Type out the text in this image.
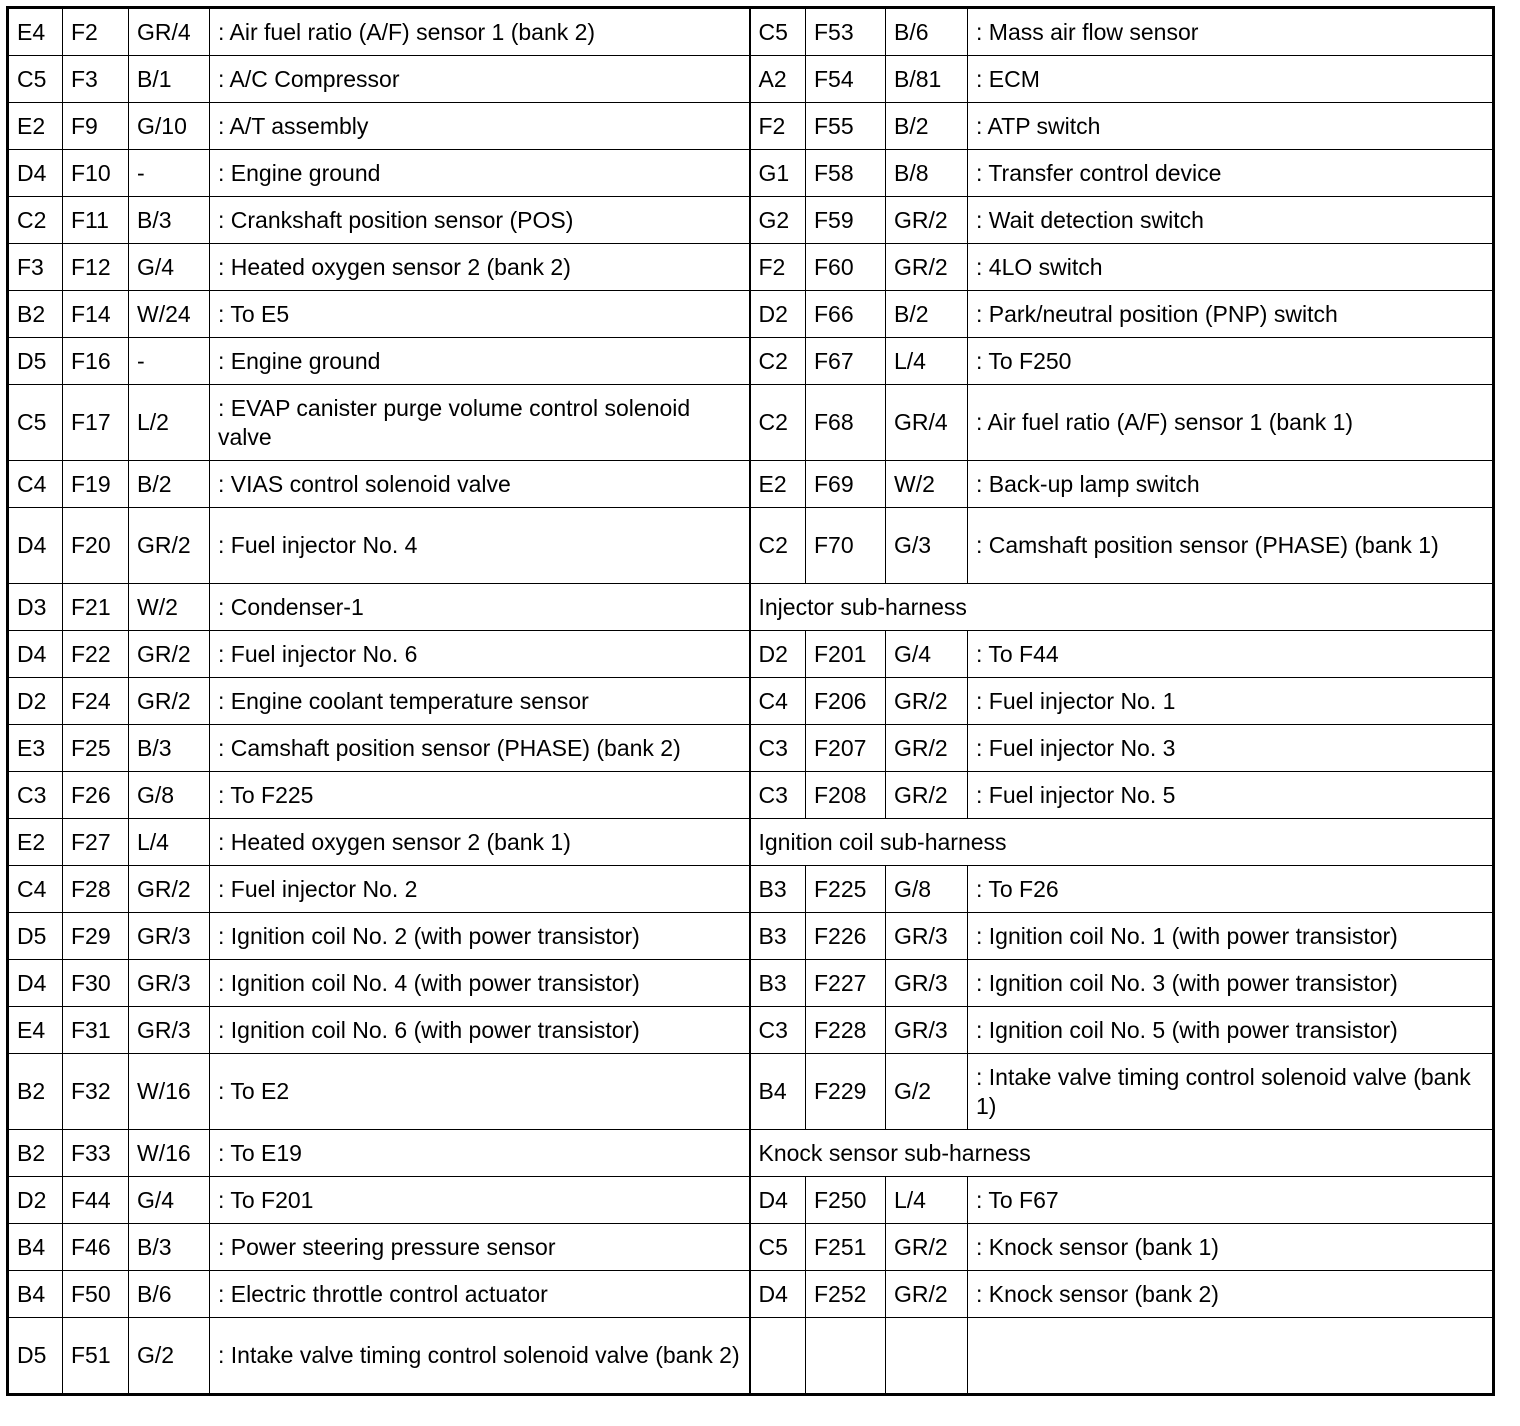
E4	F2	GR/4	: Air fuel ratio (A/F) sensor 1 (bank 2)	C5	F53	B/6	: Mass air flow sensor
C5	F3	B/1	: A/C Compressor	A2	F54	B/81	: ECM
E2	F9	G/10	: A/T assembly	F2	F55	B/2	: ATP switch
D4	F10	-	: Engine ground	G1	F58	B/8	: Transfer control device
C2	F11	B/3	: Crankshaft position sensor (POS)	G2	F59	GR/2	: Wait detection switch
F3	F12	G/4	: Heated oxygen sensor 2 (bank 2)	F2	F60	GR/2	: 4LO switch
B2	F14	W/24	: To E5	D2	F66	B/2	: Park/neutral position (PNP) switch
D5	F16	-	: Engine ground	C2	F67	L/4	: To F250
C5	F17	L/2	: EVAP canister purge volume control solenoid valve	C2	F68	GR/4	: Air fuel ratio (A/F) sensor 1 (bank 1)
C4	F19	B/2	: VIAS control solenoid valve	E2	F69	W/2	: Back-up lamp switch
D4	F20	GR/2	: Fuel injector No. 4	C2	F70	G/3	: Camshaft position sensor (PHASE) (bank 1)
D3	F21	W/2	: Condenser-1	Injector sub-harness			
D4	F22	GR/2	: Fuel injector No. 6	D2	F201	G/4	: To F44
D2	F24	GR/2	: Engine coolant temperature sensor	C4	F206	GR/2	: Fuel injector No. 1
E3	F25	B/3	: Camshaft position sensor (PHASE) (bank 2)	C3	F207	GR/2	: Fuel injector No. 3
C3	F26	G/8	: To F225	C3	F208	GR/2	: Fuel injector No. 5
E2	F27	L/4	: Heated oxygen sensor 2 (bank 1)	Ignition coil sub-harness			
C4	F28	GR/2	: Fuel injector No. 2	B3	F225	G/8	: To F26
D5	F29	GR/3	: Ignition coil No. 2 (with power transistor)	B3	F226	GR/3	: Ignition coil No. 1 (with power transistor)
D4	F30	GR/3	: Ignition coil No. 4 (with power transistor)	B3	F227	GR/3	: Ignition coil No. 3 (with power transistor)
E4	F31	GR/3	: Ignition coil No. 6 (with power transistor)	C3	F228	GR/3	: Ignition coil No. 5 (with power transistor)
B2	F32	W/16	: To E2	B4	F229	G/2	: Intake valve timing control solenoid valve (bank 1)
B2	F33	W/16	: To E19	Knock sensor sub-harness			
D2	F44	G/4	: To F201	D4	F250	L/4	: To F67
B4	F46	B/3	: Power steering pressure sensor	C5	F251	GR/2	: Knock sensor (bank 1)
B4	F50	B/6	: Electric throttle control actuator	D4	F252	GR/2	: Knock sensor (bank 2)
D5	F51	G/2	: Intake valve timing control solenoid valve (bank 2)				
